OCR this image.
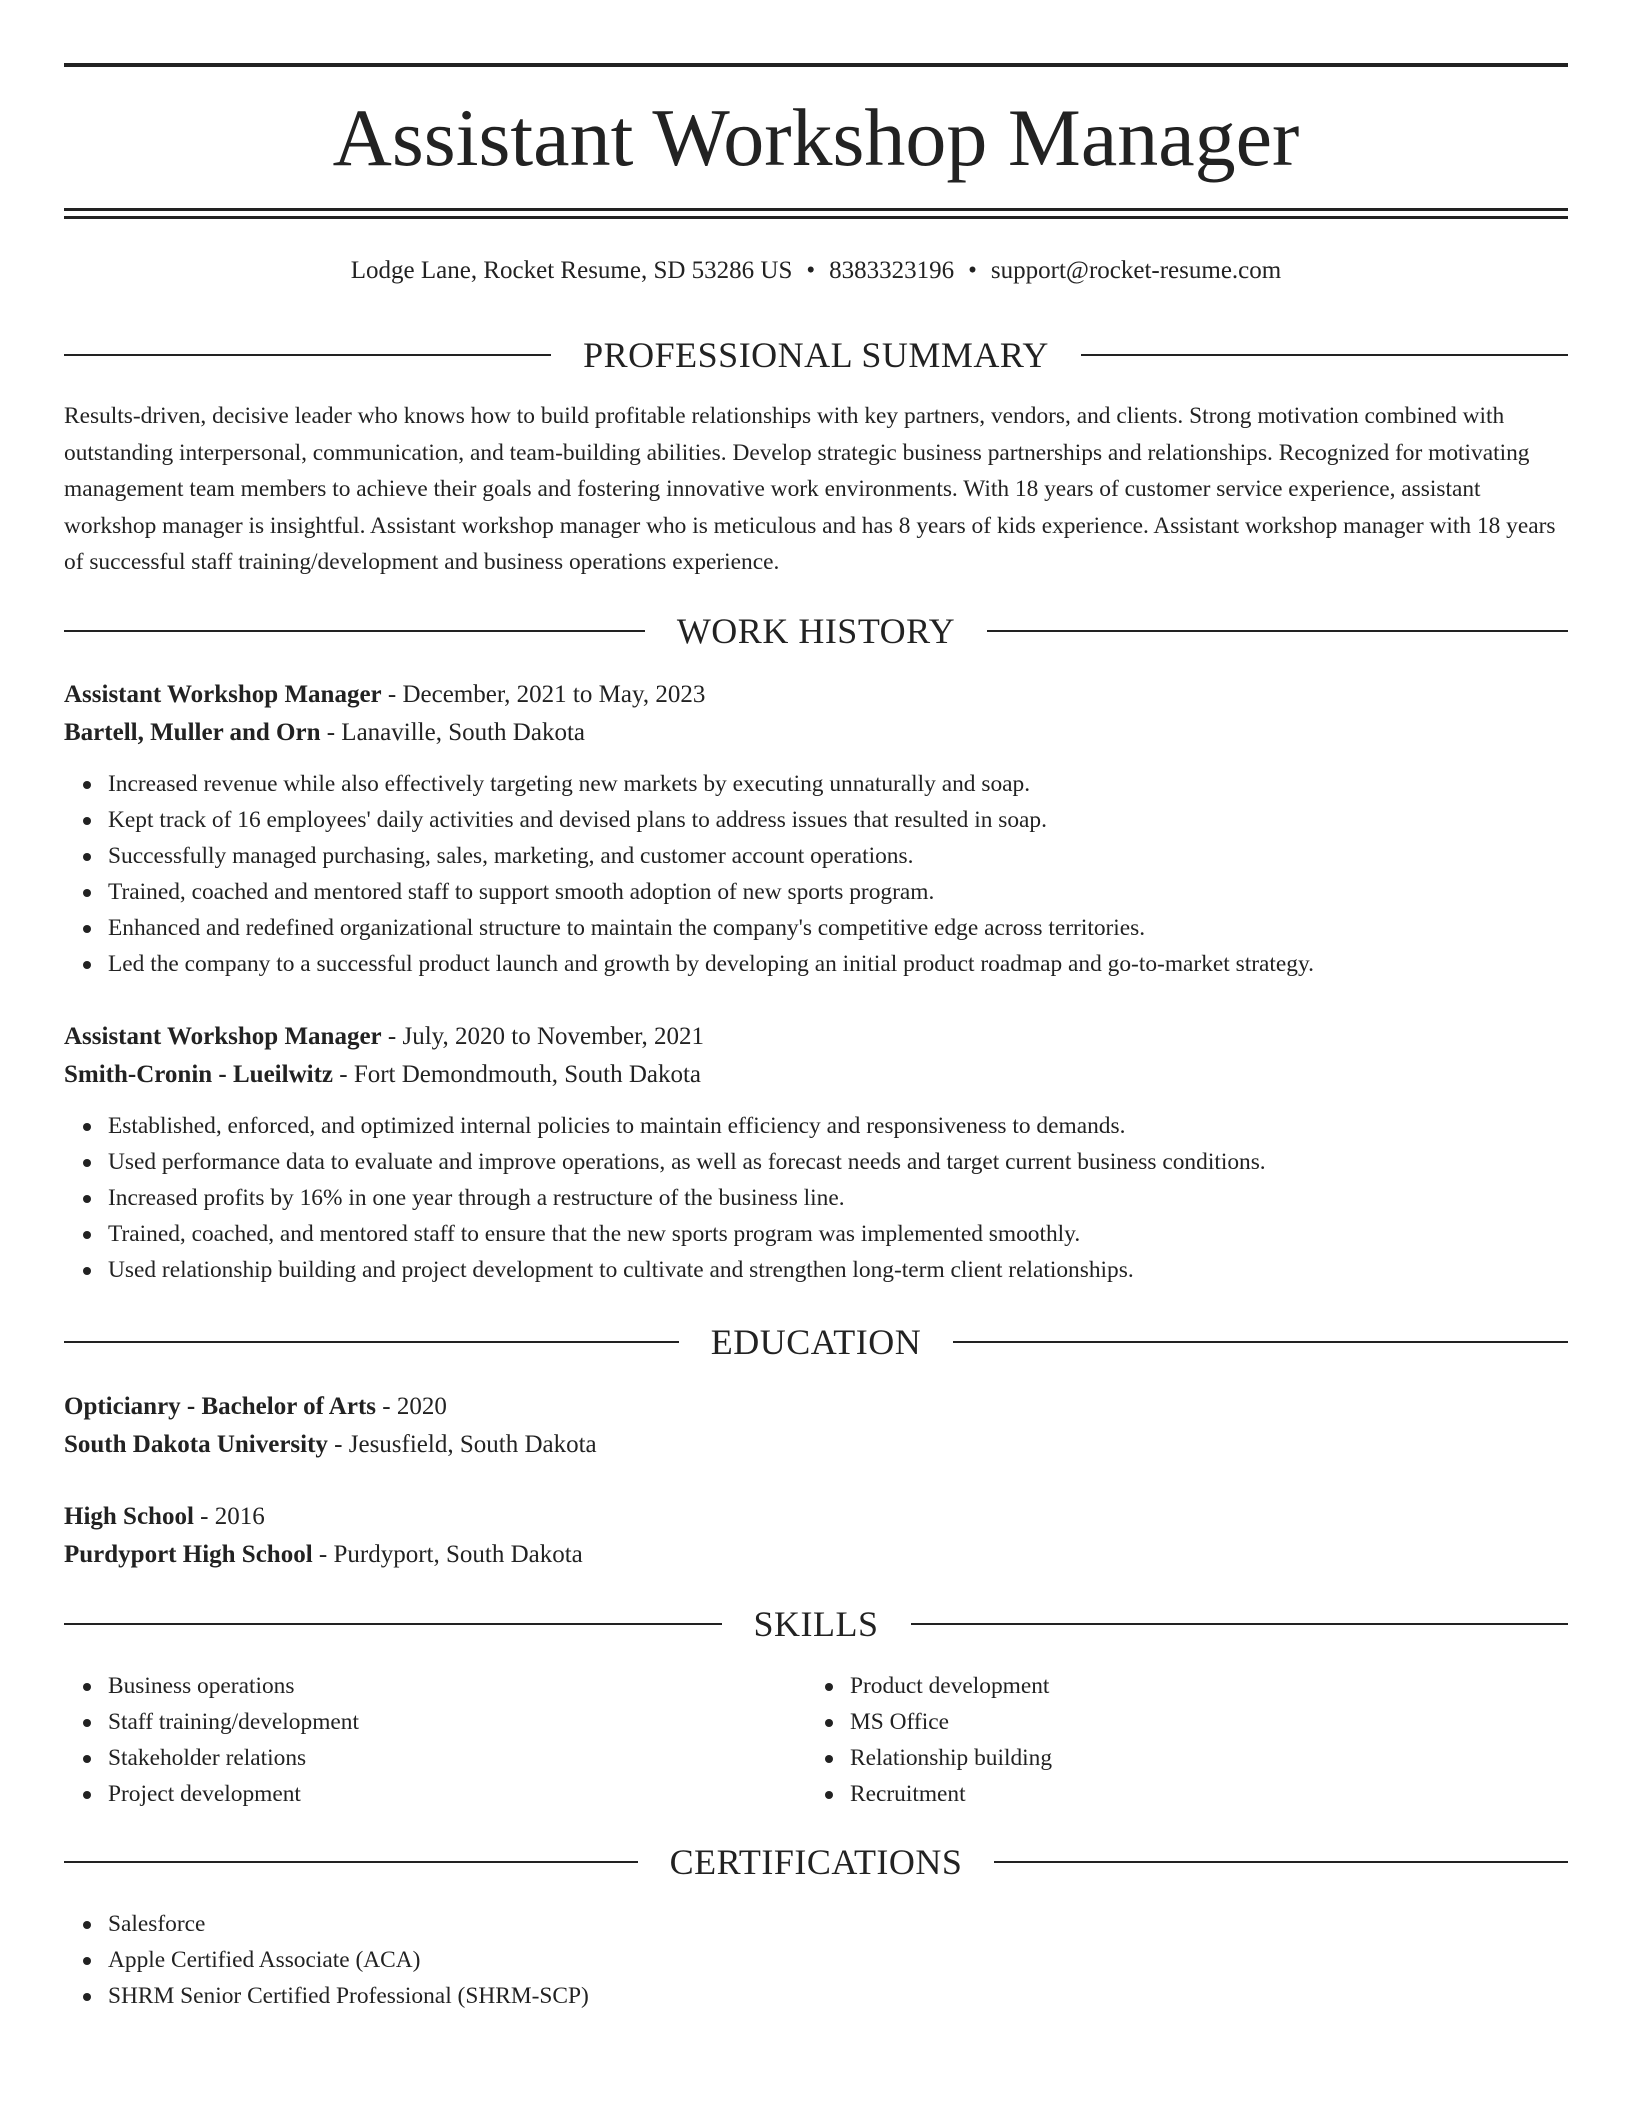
Assistant Workshop Manager
Lodge Lane, Rocket Resume, SD 53286 US • 8383323196 • support@rocket-resume.com
PROFESSIONAL SUMMARY

Results-driven, decisive leader who knows how to build profitable relationships with key partners, vendors, and clients. Strong motivation combined with outstanding interpersonal, communication, and team-building abilities. Develop strategic business partnerships and relationships. Recognized for motivating management team members to achieve their goals and fostering innovative work environments. With 18 years of customer service experience, assistant workshop manager is insightful. Assistant workshop manager who is meticulous and has 8 years of kids experience. Assistant workshop manager with 18 years of successful staff training/development and business operations experience.

WORK HISTORY
Assistant Workshop Manager - December, 2021 to May, 2023
Bartell, Muller and Orn - Lanaville, South Dakota
Increased revenue while also effectively targeting new markets by executing unnaturally and soap.
Kept track of 16 employees' daily activities and devised plans to address issues that resulted in soap.
Successfully managed purchasing, sales, marketing, and customer account operations.
Trained, coached and mentored staff to support smooth adoption of new sports program.
Enhanced and redefined organizational structure to maintain the company's competitive edge across territories.
Led the company to a successful product launch and growth by developing an initial product roadmap and go-to-market strategy.
Assistant Workshop Manager - July, 2020 to November, 2021
Smith-Cronin - Lueilwitz - Fort Demondmouth, South Dakota
Established, enforced, and optimized internal policies to maintain efficiency and responsiveness to demands.
Used performance data to evaluate and improve operations, as well as forecast needs and target current business conditions.
Increased profits by 16% in one year through a restructure of the business line.
Trained, coached, and mentored staff to ensure that the new sports program was implemented smoothly.
Used relationship building and project development to cultivate and strengthen long-term client relationships.
EDUCATION
Opticianry - Bachelor of Arts - 2020
South Dakota University - Jesusfield, South Dakota
High School - 2016
Purdyport High School - Purdyport, South Dakota
SKILLS
Business operations
Staff training/development
Stakeholder relations
Project development
Product development
MS Office
Relationship building
Recruitment
CERTIFICATIONS
Salesforce
Apple Certified Associate (ACA)
SHRM Senior Certified Professional (SHRM-SCP)
